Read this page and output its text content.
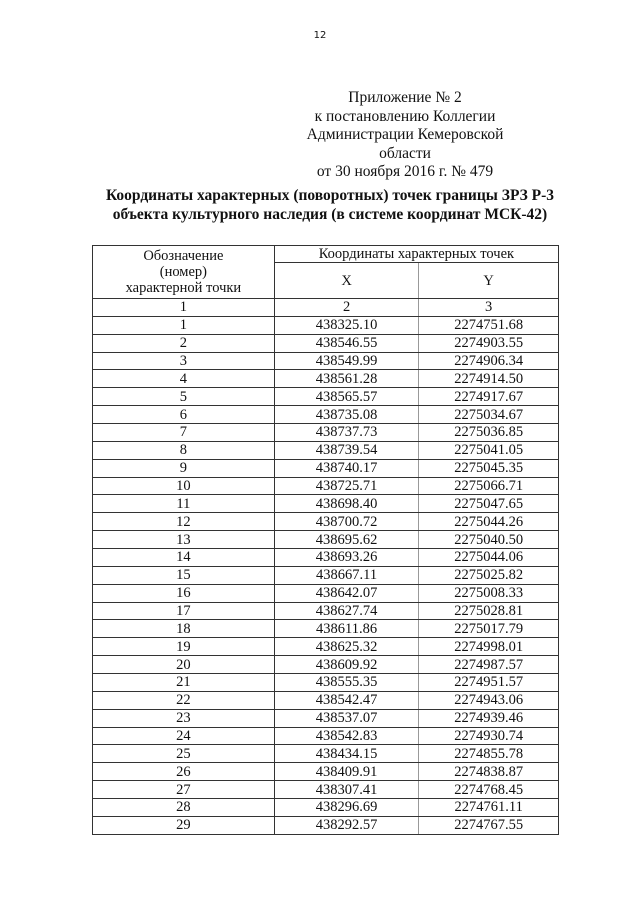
12
Приложение № 2
к постановлению Коллегии
Администрации Кемеровской области
от 30 ноября 2016 г. № 479
Координаты характерных (поворотных) точек границы ЗРЗ Р-3
объекта культурного наследия (в системе координат МСК-42)
Обозначение (номер) характерной точки	Координаты характерных точек	
	X	Y
1	2	3
1	438325.10	2274751.68
2	438546.55	2274903.55
3	438549.99	2274906.34
4	438561.28	2274914.50
5	438565.57	2274917.67
6	438735.08	2275034.67
7	438737.73	2275036.85
8	438739.54	2275041.05
9	438740.17	2275045.35
10	438725.71	2275066.71
11	438698.40	2275047.65
12	438700.72	2275044.26
13	438695.62	2275040.50
14	438693.26	2275044.06
15	438667.11	2275025.82
16	438642.07	2275008.33
17	438627.74	2275028.81
18	438611.86	2275017.79
19	438625.32	2274998.01
20	438609.92	2274987.57
21	438555.35	2274951.57
22	438542.47	2274943.06
23	438537.07	2274939.46
24	438542.83	2274930.74
25	438434.15	2274855.78
26	438409.91	2274838.87
27	438307.41	2274768.45
28	438296.69	2274761.11
29	438292.57	2274767.55
